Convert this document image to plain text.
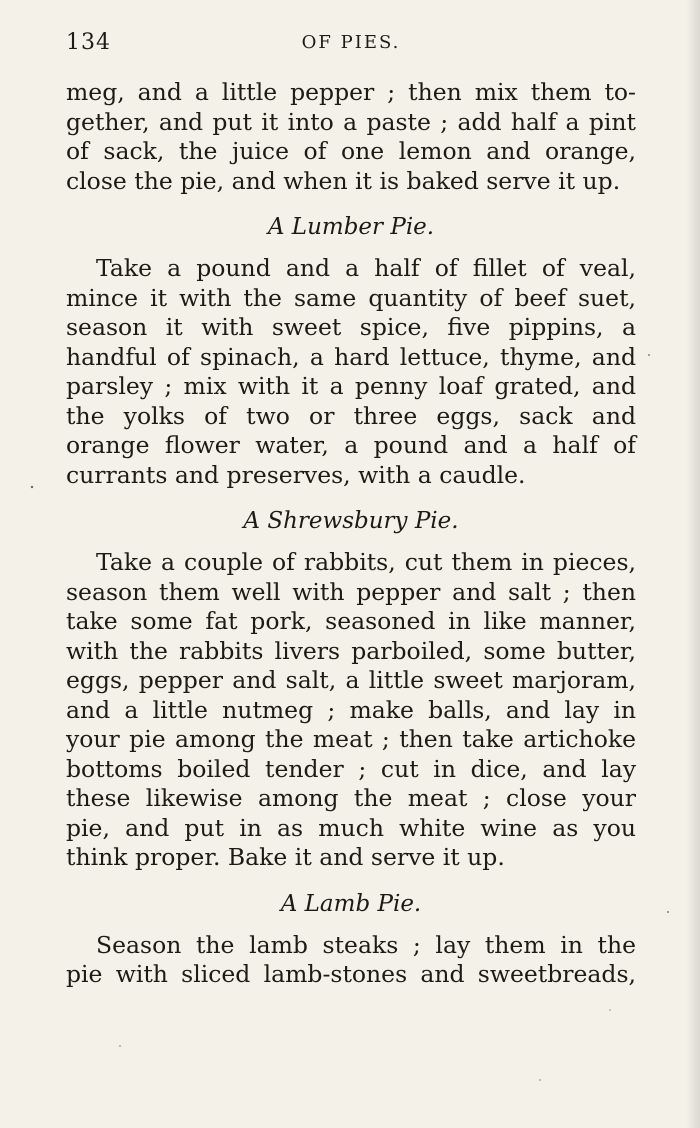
134	OF PIES.
meg, and a little pepper ; then mix them to-
gether, and put it into a paste ; add half a pint
of sack, the juice of one lemon and orange,
close the pie, and when it is baked serve it up.
A Lumber Pie.
Take a pound and a half of fillet of veal,
mince it with the same quantity of beef suet,
season it with sweet spice, five pippins, a
handful of spinach, a hard lettuce, thyme, and
parsley ; mix with it a penny loaf grated, and
the yolks of two or three eggs, sack and
orange flower water, a pound and a half of
currants and preserves, with a caudle.
A Shrewsbury Pie.
Take a couple of rabbits, cut them in pieces,
season them well with pepper and salt ; then
take some fat pork, seasoned in like manner,
with the rabbits livers parboiled, some butter,
eggs, pepper and salt, a little sweet marjoram,
and a little nutmeg ; make balls, and lay in
your pie among the meat ; then take artichoke
bottoms boiled tender ; cut in dice, and lay
these likewise among the meat ; close your
pie, and put in as much white wine as you
think proper. Bake it and serve it up.
A Lamb Pie.
Season the lamb steaks ; lay them in the
pie with sliced lamb-stones and sweetbreads,
